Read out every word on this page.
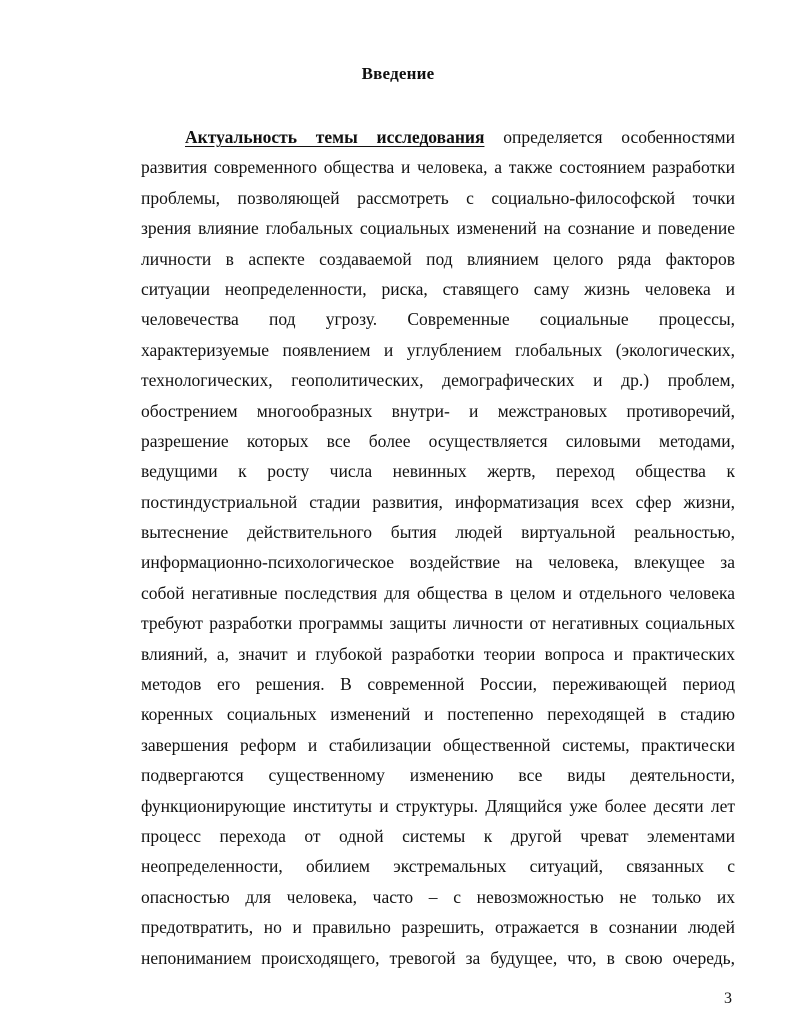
Введение
Актуальность темы исследования определяется особенностями
развития современного общества и человека, а также состоянием разработки
проблемы, позволяющей рассмотреть с социально-философской точки
зрения влияние глобальных социальных изменений на сознание и поведение
личности в аспекте создаваемой под влиянием целого ряда факторов
ситуации неопределенности, риска, ставящего саму жизнь человека и
человечества под угрозу. Современные социальные процессы,
характеризуемые появлением и углублением глобальных (экологических,
технологических, геополитических, демографических и др.) проблем,
обострением многообразных внутри- и межстрановых противоречий,
разрешение которых все более осуществляется силовыми методами,
ведущими к росту числа невинных жертв, переход общества к
постиндустриальной стадии развития, информатизация всех сфер жизни,
вытеснение действительного бытия людей виртуальной реальностью,
информационно-психологическое воздействие на человека, влекущее за
собой негативные последствия для общества в целом и отдельного человека
требуют разработки программы защиты личности от негативных социальных
влияний, а, значит и глубокой разработки теории вопроса и практических
методов его решения. В современной России, переживающей период
коренных социальных изменений и постепенно переходящей в стадию
завершения реформ и стабилизации общественной системы, практически
подвергаются существенному изменению все виды деятельности,
функционирующие институты и структуры. Длящийся уже более десяти лет
процесс перехода от одной системы к другой чреват элементами
неопределенности, обилием экстремальных ситуаций, связанных с
опасностью для человека, часто – с невозможностью не только их
предотвратить, но и правильно разрешить, отражается в сознании людей
непониманием происходящего, тревогой за будущее, что, в свою очередь,
3
